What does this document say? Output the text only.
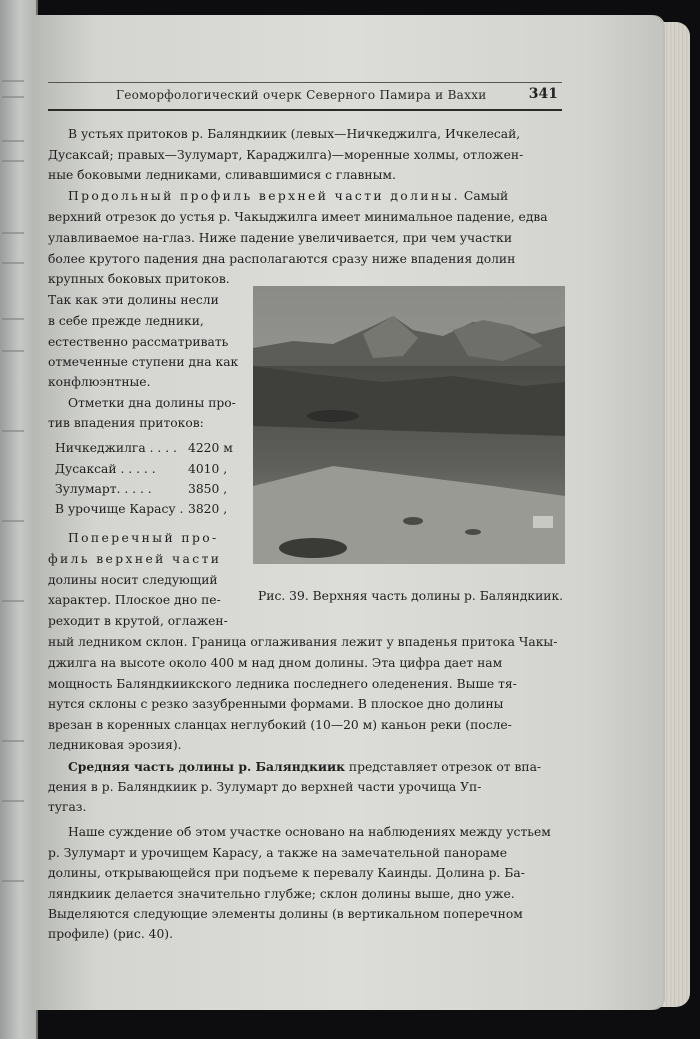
Геоморфологический очерк Северного Памира и Ваххи	341
В устьях притоков р. Баляндкиик (левых—Ничкеджилга, Ичкелесай,
Дусаксай; правых—Зулумарт, Караджилга)—моренные холмы, отложен-
ные боковыми ледниками, сливавшимися с главным.
Продольный профиль верхней части долины. Самый
верхний отрезок до устья р. Чакыджилга имеет минимальное падение, едва
улавливаемое на-глаз. Ниже падение увеличивается, при чем участки
более крутого падения дна располагаются сразу ниже впадения долин
крупных боковых притоков.
Так как эти долины несли
в себе прежде ледники,
естественно рассматривать
отмеченные ступени дна как
конфлюэнтные.
Отметки дна долины про-
тив впадения притоков:
Ничкеджилга . . . . 4220 м
Дусаксай . . . . .	4010 ,
Зулумарт. . . . .	3850 ,
В урочище Карасу . 3820 ,
Поперечный про-
филь верхней части
долины носит следующий
характер. Плоское дно пе-
реходит в крутой, оглажен-
ный ледником склон. Граница оглаживания лежит у впаденья притока Чакы-
джилга на высоте около 400 м над дном долины. Эта цифра дает нам
мощность Баляндкиикского ледника последнего оледенения. Выше тя-
нутся склоны с резко зазубренными формами. В плоское дно долины
врезан в коренных сланцах неглубокий (10—20 м) каньон реки (после-
ледниковая эрозия).
Рис. 39. Верхняя часть долины р. Баляндкиик.
Средняя часть долины р. Баляндкиик представляет отрезок от впа-
дения в р. Баляндкиик р. Зулумарт до верхней части урочища Уп-
тугаз.
Наше суждение об этом участке основано на наблюдениях между устьем
р. Зулумарт и урочищем Карасу, а также на замечательной панораме
долины, открывающейся при подъеме к перевалу Каинды. Долина р. Ба-
ляндкиик делается значительно глубже; склон долины выше, дно уже.
Выделяются следующие элементы долины (в вертикальном поперечном
профиле) (рис. 40).
